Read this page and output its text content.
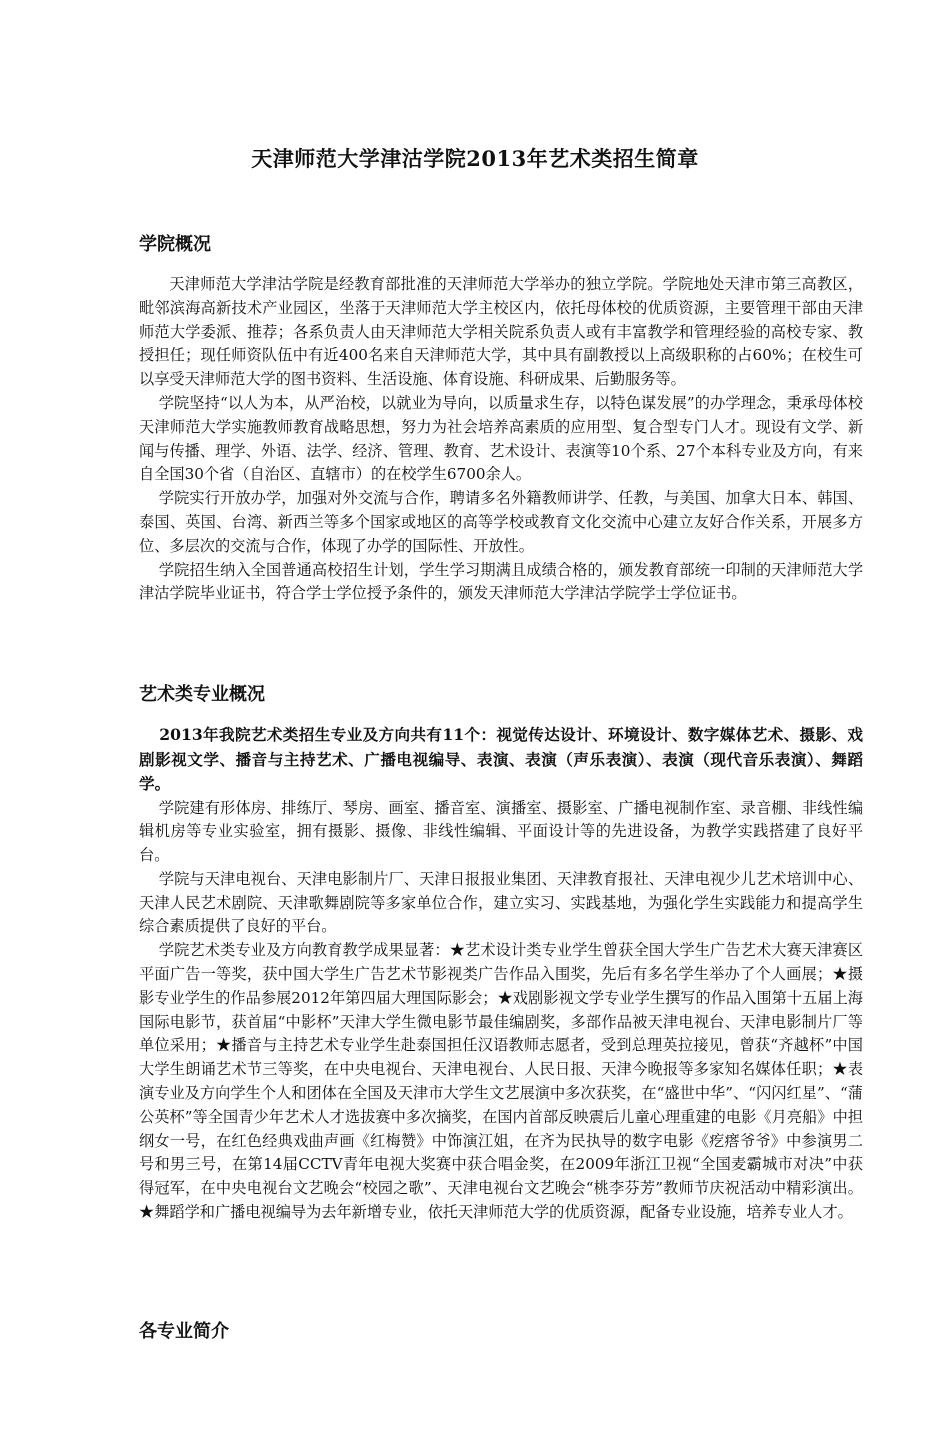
天津师范大学津沽学院2013年艺术类招生简章
学院概况

天津师范大学津沽学院是经教育部批准的天津师范大学举办的独立学院。学院地处天津市第三高教区，毗邻滨海高新技术产业园区，坐落于天津师范大学主校区内，依托母体校的优质资源，主要管理干部由天津师范大学委派、推荐；各系负责人由天津师范大学相关院系负责人或有丰富教学和管理经验的高校专家、教授担任；现任师资队伍中有近400名来自天津师范大学，其中具有副教授以上高级职称的占60%；在校生可以享受天津师范大学的图书资料、生活设施、体育设施、科研成果、后勤服务等。

学院坚持“以人为本，从严治校，以就业为导向，以质量求生存，以特色谋发展”的办学理念，秉承母体校天津师范大学实施教师教育战略思想，努力为社会培养高素质的应用型、复合型专门人才。现设有文学、新闻与传播、理学、外语、法学、经济、管理、教育、艺术设计、表演等10个系、27个本科专业及方向，有来自全国30个省（自治区、直辖市）的在校学生6700余人。

学院实行开放办学，加强对外交流与合作，聘请多名外籍教师讲学、任教，与美国、加拿大日本、韩国、泰国、英国、台湾、新西兰等多个国家或地区的高等学校或教育文化交流中心建立友好合作关系，开展多方位、多层次的交流与合作，体现了办学的国际性、开放性。

学院招生纳入全国普通高校招生计划，学生学习期满且成绩合格的，颁发教育部统一印制的天津师范大学津沽学院毕业证书，符合学士学位授予条件的，颁发天津师范大学津沽学院学士学位证书。

艺术类专业概况

2013年我院艺术类招生专业及方向共有11个：视觉传达设计、环境设计、数字媒体艺术、摄影、戏剧影视文学、播音与主持艺术、广播电视编导、表演、表演（声乐表演）、表演（现代音乐表演）、舞蹈学。

学院建有形体房、排练厅、琴房、画室、播音室、演播室、摄影室、广播电视制作室、录音棚、非线性编辑机房等专业实验室，拥有摄影、摄像、非线性编辑、平面设计等的先进设备，为教学实践搭建了良好平台。

学院与天津电视台、天津电影制片厂、天津日报报业集团、天津教育报社、天津电视少儿艺术培训中心、天津人民艺术剧院、天津歌舞剧院等多家单位合作，建立实习、实践基地，为强化学生实践能力和提高学生综合素质提供了良好的平台。

学院艺术类专业及方向教育教学成果显著：★艺术设计类专业学生曾获全国大学生广告艺术大赛天津赛区平面广告一等奖，获中国大学生广告艺术节影视类广告作品入围奖，先后有多名学生举办了个人画展；★摄影专业学生的作品参展2012年第四届大理国际影会；★戏剧影视文学专业学生撰写的作品入围第十五届上海国际电影节，获首届“中影杯”天津大学生微电影节最佳编剧奖，多部作品被天津电视台、天津电影制片厂等单位采用；★播音与主持艺术专业学生赴泰国担任汉语教师志愿者，受到总理英拉接见，曾获“齐越杯”中国大学生朗诵艺术节三等奖，在中央电视台、天津电视台、人民日报、天津今晚报等多家知名媒体任职；★表演专业及方向学生个人和团体在全国及天津市大学生文艺展演中多次获奖，在“盛世中华”、“闪闪红星”、“蒲公英杯”等全国青少年艺术人才选拔赛中多次摘奖，在国内首部反映震后儿童心理重建的电影《月亮船》中担纲女一号，在红色经典戏曲声画《红梅赞》中饰演江姐，在齐为民执导的数字电影《疙瘩爷爷》中参演男二号和男三号，在第14届CCTV青年电视大奖赛中获合唱金奖，在2009年浙江卫视“全国麦霸城市对决”中获得冠军，在中央电视台文艺晚会“校园之歌”、天津电视台文艺晚会“桃李芬芳”教师节庆祝活动中精彩演出。★舞蹈学和广播电视编导为去年新增专业，依托天津师范大学的优质资源，配备专业设施，培养专业人才。

各专业简介
